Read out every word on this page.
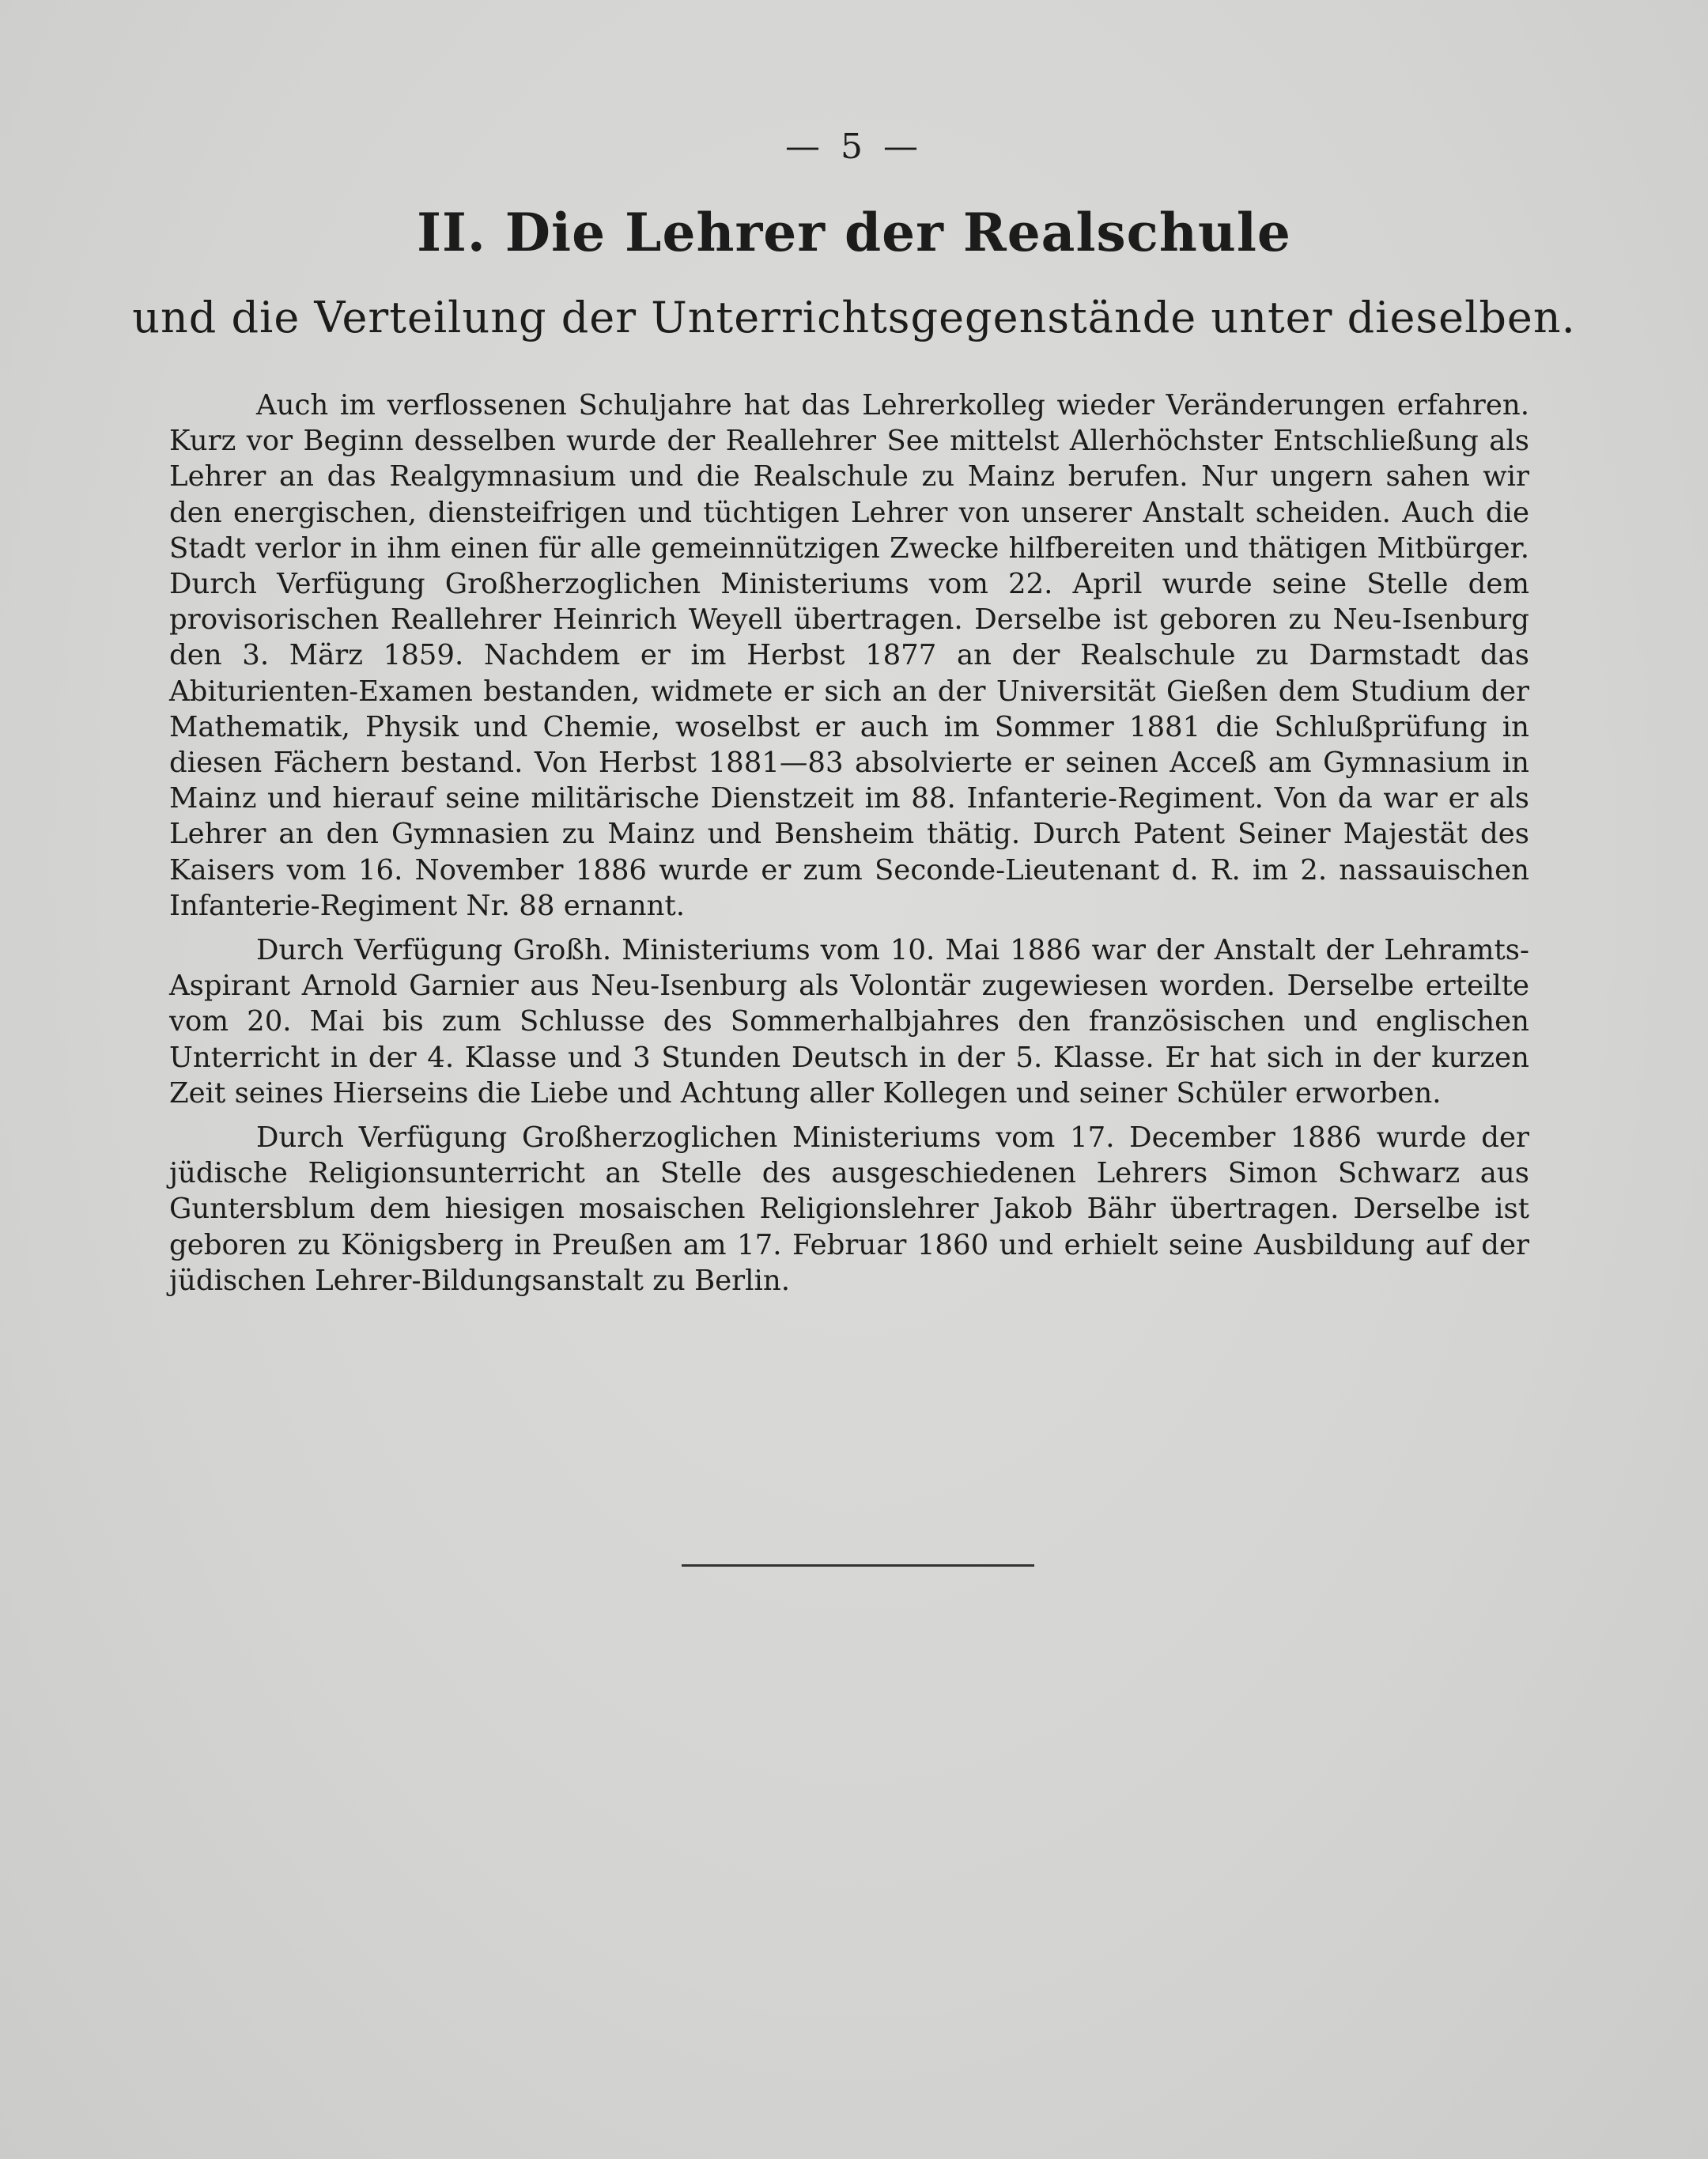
— 5 —
II. Die Lehrer der Realschule
und die Verteilung der Unterrichtsgegenstände unter dieselben.

Auch im verflossenen Schuljahre hat das Lehrerkolleg wieder Veränderungen erfahren. Kurz vor Beginn desselben wurde der Reallehrer See mittelst Allerhöchster Entschließung als Lehrer an das Realgymnasium und die Realschule zu Mainz berufen. Nur ungern sahen wir den energischen, diensteifrigen und tüchtigen Lehrer von unserer Anstalt scheiden. Auch die Stadt verlor in ihm einen für alle gemeinnützigen Zwecke hilfbereiten und thätigen Mitbürger. Durch Verfügung Großherzoglichen Ministeriums vom 22. April wurde seine Stelle dem provisorischen Reallehrer Heinrich Weyell übertragen. Derselbe ist geboren zu Neu-Isenburg den 3. März 1859. Nachdem er im Herbst 1877 an der Realschule zu Darmstadt das Abiturienten-Examen bestanden, widmete er sich an der Universität Gießen dem Studium der Mathematik, Physik und Chemie, woselbst er auch im Sommer 1881 die Schlußprüfung in diesen Fächern bestand. Von Herbst 1881—83 absolvierte er seinen Acceß am Gymnasium in Mainz und hierauf seine militärische Dienstzeit im 88. Infanterie-Regiment. Von da war er als Lehrer an den Gymnasien zu Mainz und Bensheim thätig. Durch Patent Seiner Majestät des Kaisers vom 16. November 1886 wurde er zum Seconde-Lieutenant d. R. im 2. nassauischen Infanterie-Regiment Nr. 88 ernannt.

Durch Verfügung Großh. Ministeriums vom 10. Mai 1886 war der Anstalt der Lehramts-Aspirant Arnold Garnier aus Neu-Isenburg als Volontär zugewiesen worden. Derselbe erteilte vom 20. Mai bis zum Schlusse des Sommerhalbjahres den französischen und englischen Unterricht in der 4. Klasse und 3 Stunden Deutsch in der 5. Klasse. Er hat sich in der kurzen Zeit seines Hierseins die Liebe und Achtung aller Kollegen und seiner Schüler erworben.

Durch Verfügung Großherzoglichen Ministeriums vom 17. December 1886 wurde der jüdische Religionsunterricht an Stelle des ausgeschiedenen Lehrers Simon Schwarz aus Guntersblum dem hiesigen mosaischen Religionslehrer Jakob Bähr übertragen. Derselbe ist geboren zu Königsberg in Preußen am 17. Februar 1860 und erhielt seine Ausbildung auf der jüdischen Lehrer-Bildungsanstalt zu Berlin.
